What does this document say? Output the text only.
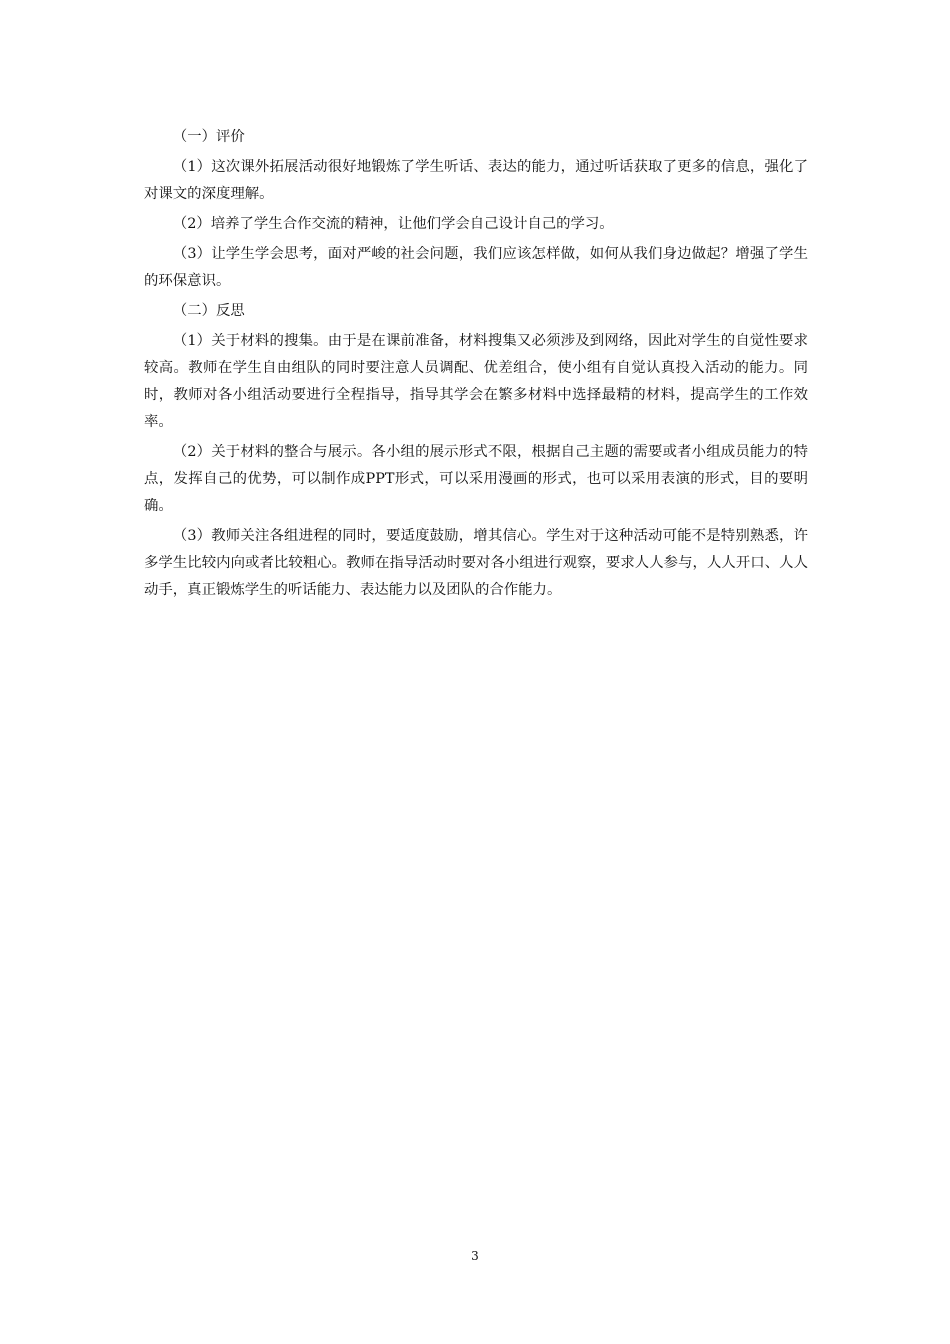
（一）评价

（1）这次课外拓展活动很好地锻炼了学生听话、表达的能力，通过听话获取了更多的信息，强化了对课文的深度理解。

（2）培养了学生合作交流的精神，让他们学会自己设计自己的学习。

（3）让学生学会思考，面对严峻的社会问题，我们应该怎样做，如何从我们身边做起？增强了学生的环保意识。

（二）反思

（1）关于材料的搜集。由于是在课前准备，材料搜集又必须涉及到网络，因此对学生的自觉性要求较高。教师在学生自由组队的同时要注意人员调配、优差组合，使小组有自觉认真投入活动的能力。同时，教师对各小组活动要进行全程指导，指导其学会在繁多材料中选择最精的材料，提高学生的工作效率。

（2）关于材料的整合与展示。各小组的展示形式不限，根据自己主题的需要或者小组成员能力的特点，发挥自己的优势，可以制作成PPT形式，可以采用漫画的形式，也可以采用表演的形式，目的要明确。

（3）教师关注各组进程的同时，要适度鼓励，增其信心。学生对于这种活动可能不是特别熟悉，许多学生比较内向或者比较粗心。教师在指导活动时要对各小组进行观察，要求人人参与，人人开口、人人动手，真正锻炼学生的听话能力、表达能力以及团队的合作能力。

3
